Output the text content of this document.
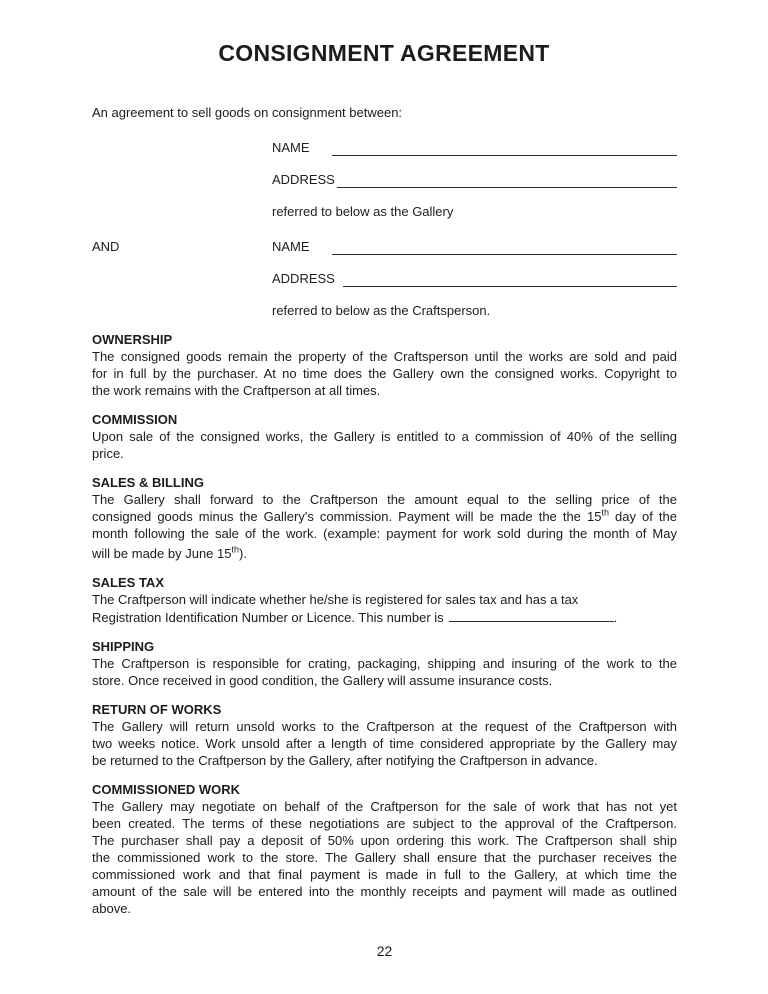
CONSIGNMENT AGREEMENT
An agreement to sell goods on consignment between:
NAME
ADDRESS
referred to below as the Gallery
AND	NAME
ADDRESS
referred to below as the Craftsperson.
OWNERSHIP
The consigned goods remain the property of the Craftsperson until the works are sold and paid
for in full by the purchaser. At no time does the Gallery own the consigned works. Copyright to
the work remains with the Craftperson at all times.
COMMISSION
Upon sale of the consigned works, the Gallery is entitled to a commission of 40% of the selling
price.
SALES & BILLING
The Gallery shall forward to the Craftperson the amount equal to the selling price of the
consigned goods minus the Gallery's commission. Payment will be made the the 15th day of the
month following the sale of the work. (example: payment for work sold during the month of May
will be made by June 15th).
SALES TAX
The Craftperson will indicate whether he/she is registered for sales tax and has a tax
Registration Identification Number or Licence. This number is	.
SHIPPING
The Craftperson is responsible for crating, packaging, shipping and insuring of the work to the
store. Once received in good condition, the Gallery will assume insurance costs.
RETURN OF WORKS
The Gallery will return unsold works to the Craftperson at the request of the Craftperson with
two weeks notice. Work unsold after a length of time considered appropriate by the Gallery may
be returned to the Craftperson by the Gallery, after notifying the Craftperson in advance.
COMMISSIONED WORK
The Gallery may negotiate on behalf of the Craftperson for the sale of work that has not yet
been created. The terms of these negotiations are subject to the approval of the Craftperson.
The purchaser shall pay a deposit of 50% upon ordering this work. The Craftperson shall ship
the commissioned work to the store. The Gallery shall ensure that the purchaser receives the
commissioned work and that final payment is made in full to the Gallery, at which time the
amount of the sale will be entered into the monthly receipts and payment will made as outlined
above.
22
